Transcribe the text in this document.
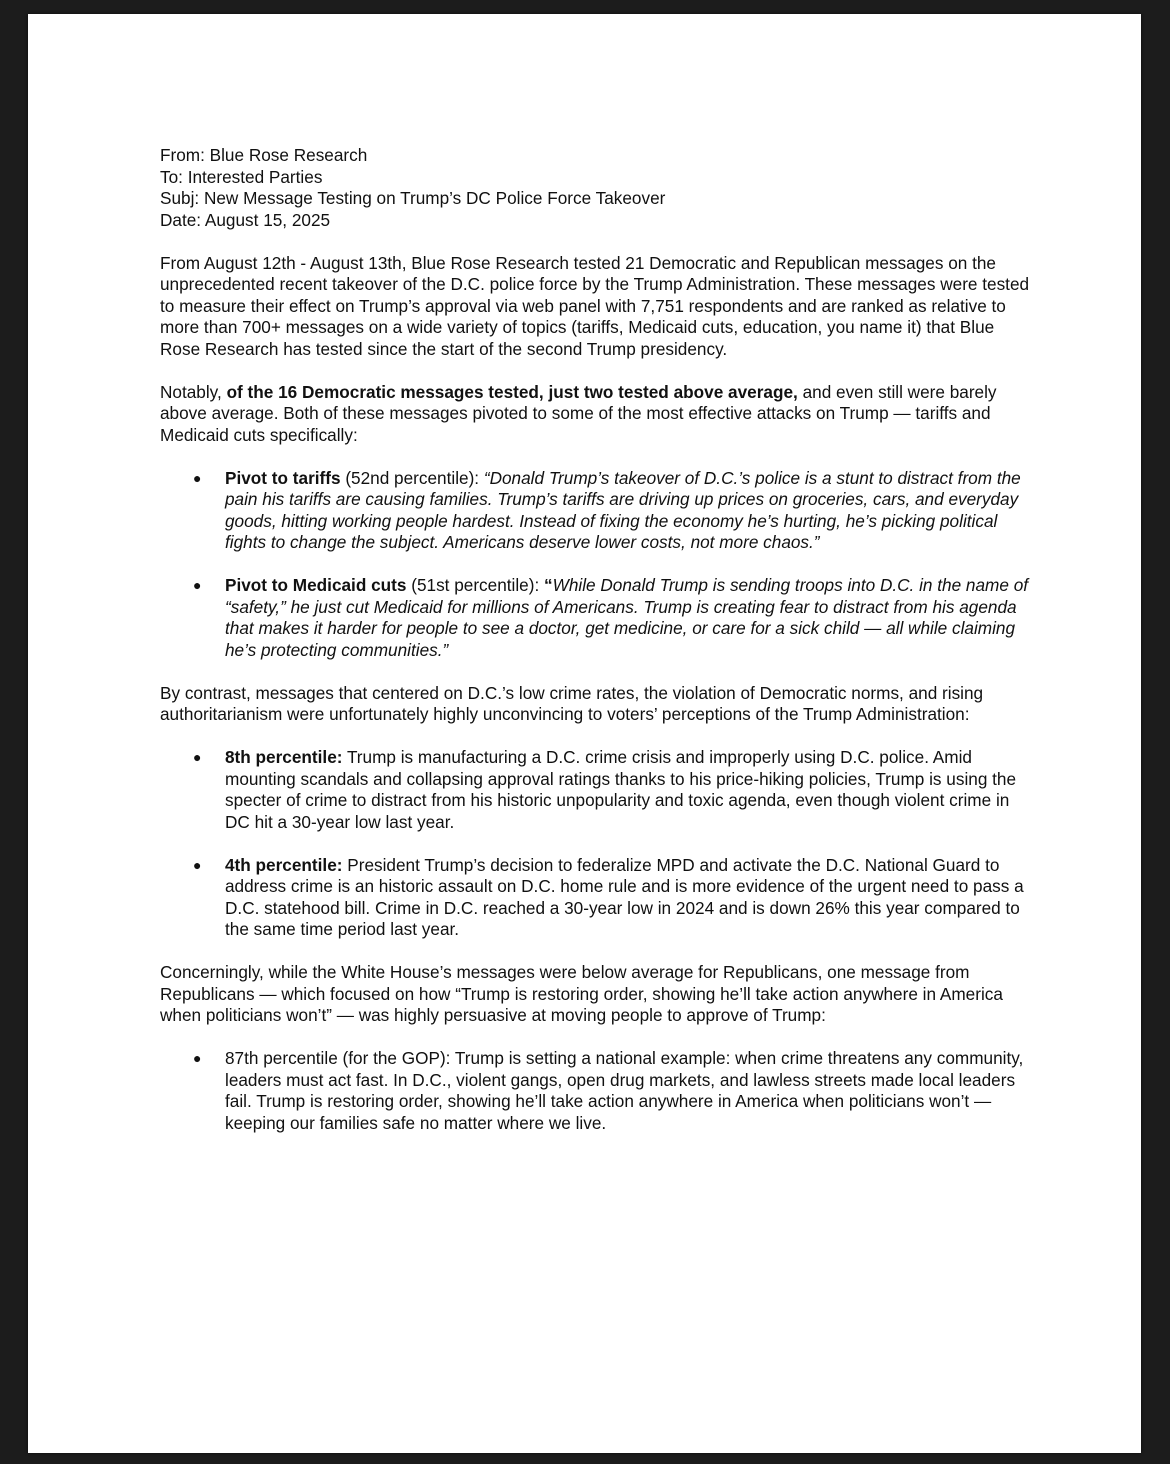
From: Blue Rose Research

To: Interested Parties

Subj: New Message Testing on Trump’s DC Police Force Takeover

Date: August 15, 2025

From August 12th - August 13th, Blue Rose Research tested 21 Democratic and Republican messages on the unprecedented recent takeover of the D.C. police force by the Trump Administration. These messages were tested to measure their effect on Trump’s approval via web panel with 7,751 respondents and are ranked as relative to more than 700+ messages on a wide variety of topics (tariffs, Medicaid cuts, education, you name it) that Blue Rose Research has tested since the start of the second Trump presidency.

Notably, of the 16 Democratic messages tested, just two tested above average, and even still were barely above average. Both of these messages pivoted to some of the most effective attacks on Trump — tariffs and Medicaid cuts specifically:

● Pivot to tariffs (52nd percentile): “Donald Trump’s takeover of D.C.’s police is a stunt to distract from the pain his tariffs are causing families. Trump’s tariffs are driving up prices on groceries, cars, and everyday goods, hitting working people hardest. Instead of fixing the economy he’s hurting, he’s picking political fights to change the subject. Americans deserve lower costs, not more chaos.”
● Pivot to Medicaid cuts (51st percentile): “While Donald Trump is sending troops into D.C. in the name of “safety,” he just cut Medicaid for millions of Americans. Trump is creating fear to distract from his agenda that makes it harder for people to see a doctor, get medicine, or care for a sick child — all while claiming he’s protecting communities.”

By contrast, messages that centered on D.C.’s low crime rates, the violation of Democratic norms, and rising authoritarianism were unfortunately highly unconvincing to voters’ perceptions of the Trump Administration:

● 8th percentile: Trump is manufacturing a D.C. crime crisis and improperly using D.C. police. Amid mounting scandals and collapsing approval ratings thanks to his price-hiking policies, Trump is using the specter of crime to distract from his historic unpopularity and toxic agenda, even though violent crime in DC hit a 30-year low last year.
● 4th percentile: President Trump’s decision to federalize MPD and activate the D.C. National Guard to address crime is an historic assault on D.C. home rule and is more evidence of the urgent need to pass a D.C. statehood bill. Crime in D.C. reached a 30-year low in 2024 and is down 26% this year compared to the same time period last year.

Concerningly, while the White House’s messages were below average for Republicans, one message from Republicans — which focused on how “Trump is restoring order, showing he’ll take action anywhere in America when politicians won’t” — was highly persuasive at moving people to approve of Trump:

● 87th percentile (for the GOP): Trump is setting a national example: when crime threatens any community, leaders must act fast. In D.C., violent gangs, open drug markets, and lawless streets made local leaders fail. Trump is restoring order, showing he’ll take action anywhere in America when politicians won’t — keeping our families safe no matter where we live.
